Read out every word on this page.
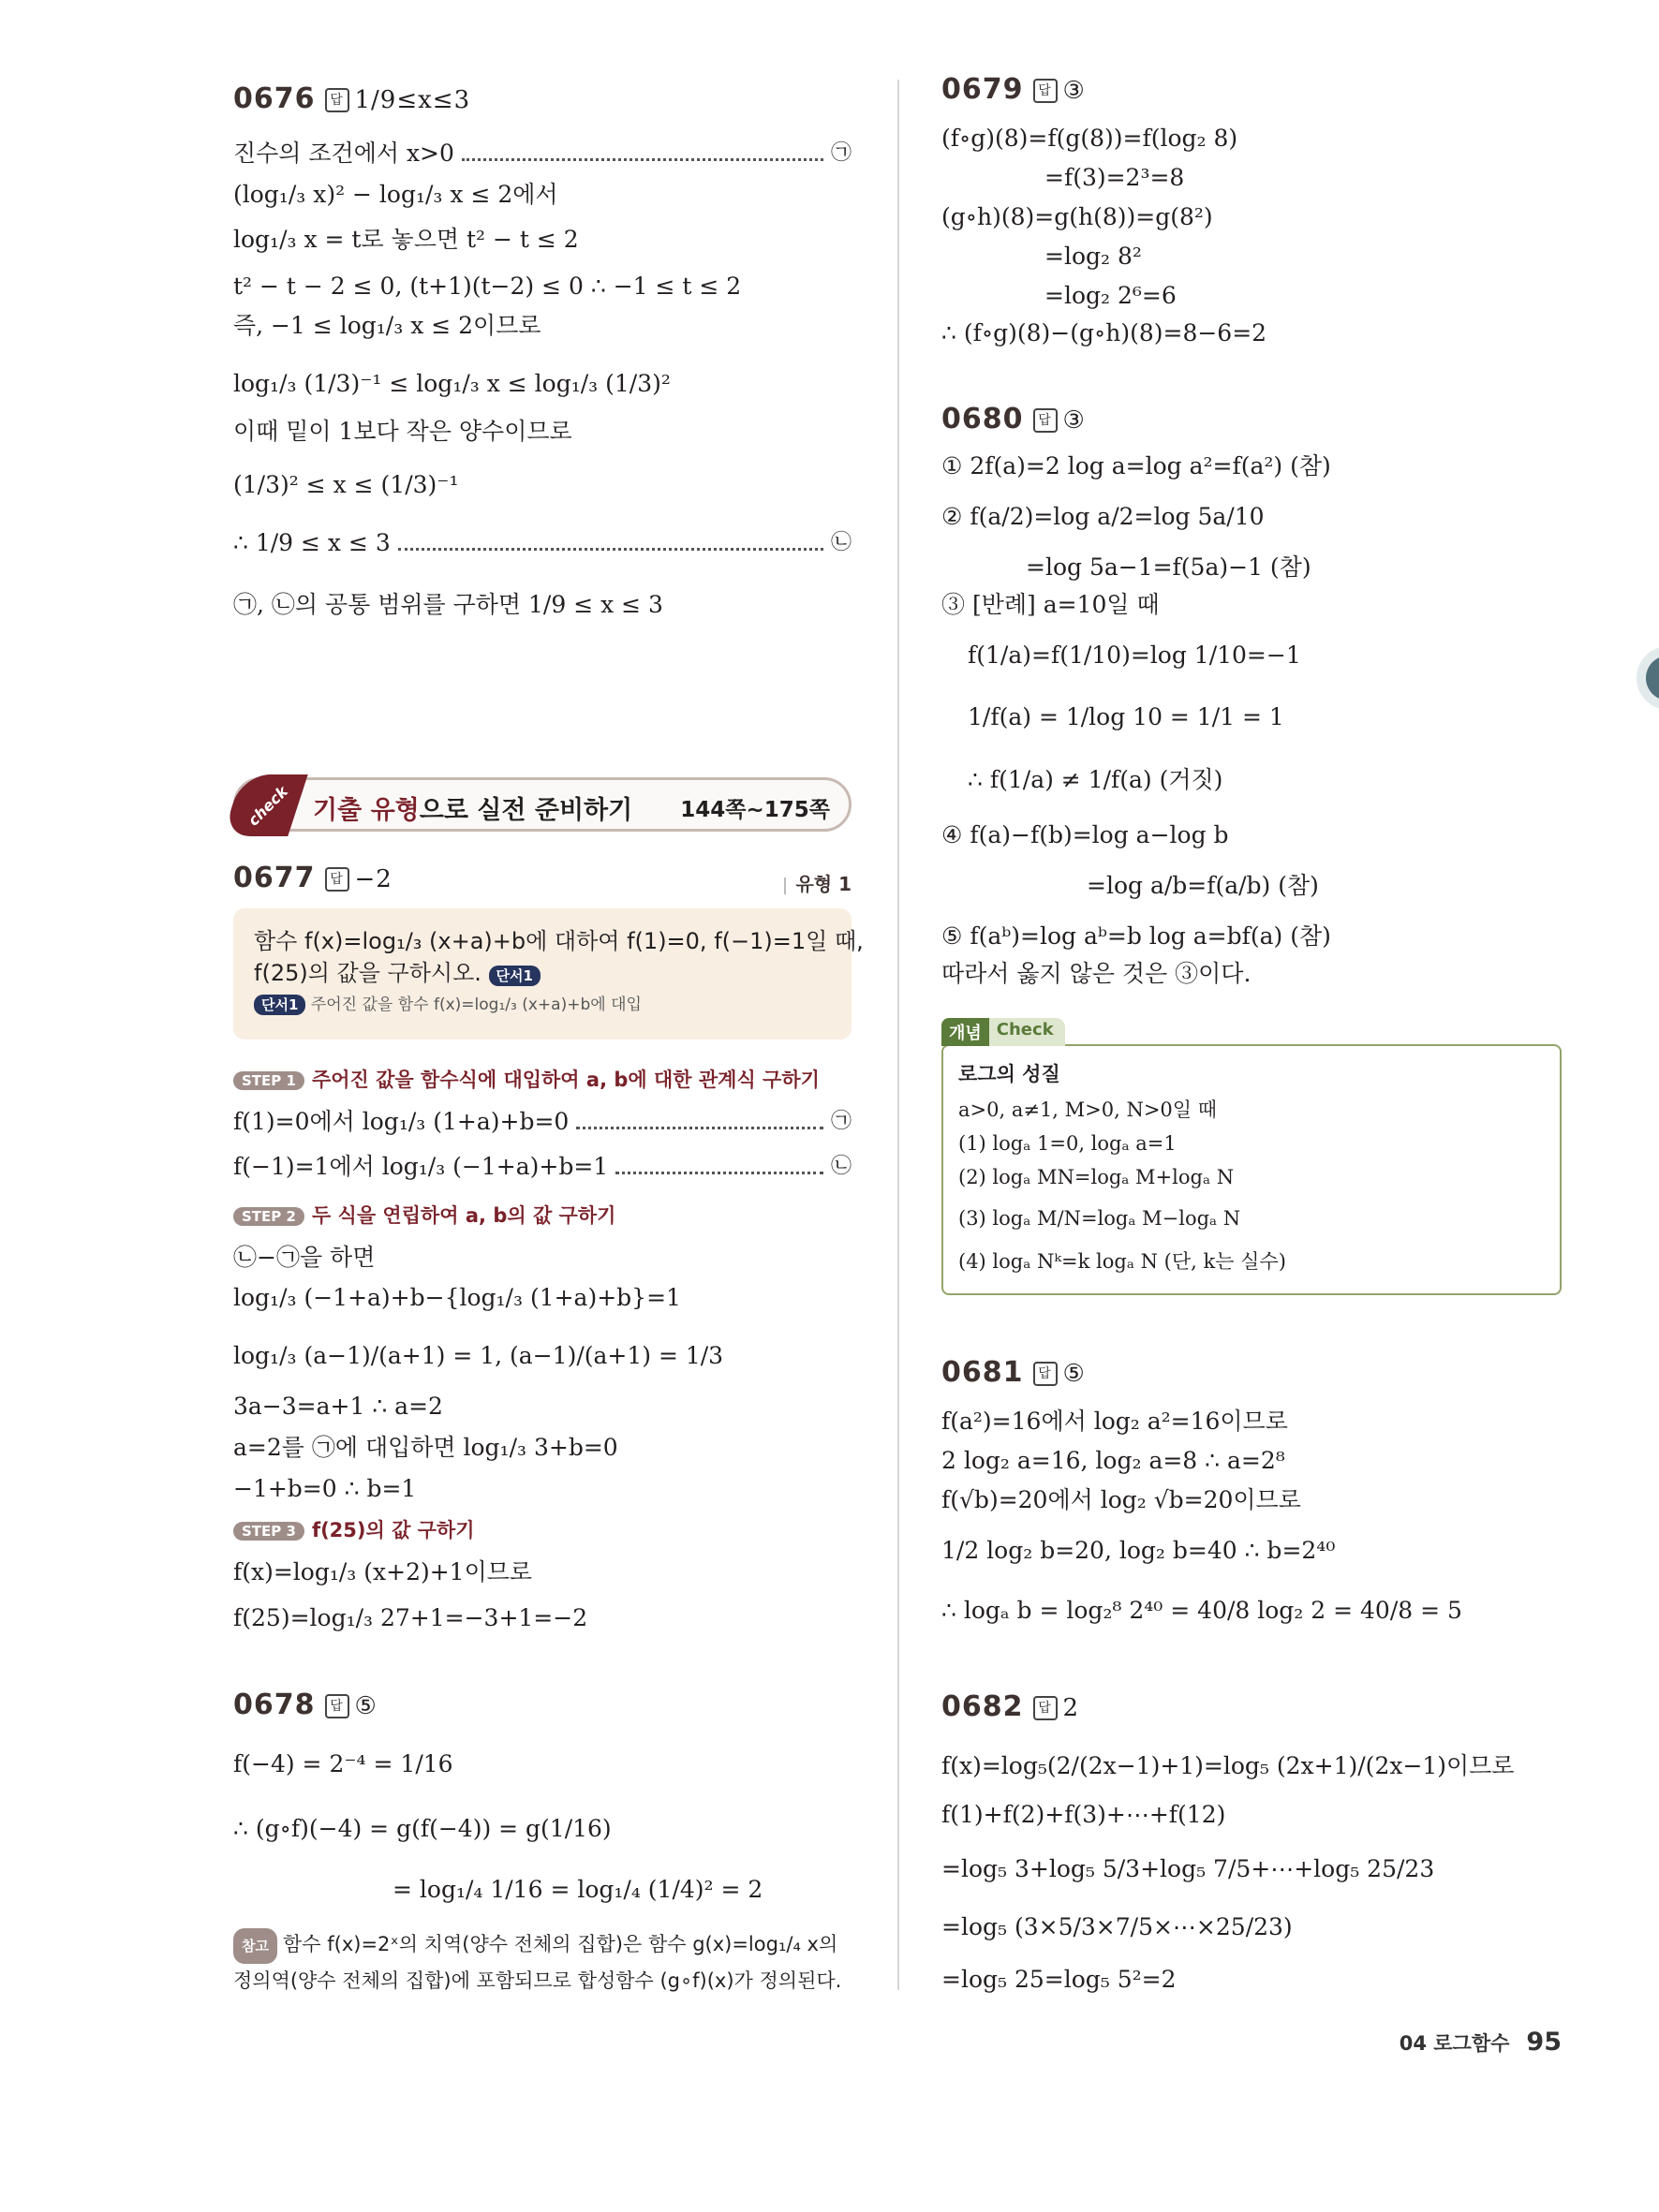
0676 답 1/9≤x≤3
진수의 조건에서 x>0	㉠
(log₁/₃ x)² − log₁/₃ x ≤ 2에서
log₁/₃ x = t로 놓으면 t² − t ≤ 2
t² − t − 2 ≤ 0, (t+1)(t−2) ≤ 0 ∴ −1 ≤ t ≤ 2
즉, −1 ≤ log₁/₃ x ≤ 2이므로
log₁/₃ (1/3)⁻¹ ≤ log₁/₃ x ≤ log₁/₃ (1/3)²
이때 밑이 1보다 작은 양수이므로
(1/3)² ≤ x ≤ (1/3)⁻¹
∴ 1/9 ≤ x ≤ 3	㉡
㉠, ㉡의 공통 범위를 구하면 1/9 ≤ x ≤ 3
check 기출 유형으로 실전 준비하기 144쪽~175쪽
0677 답 −2	유형 1
함수 f(x)=log₁/₃ (x+a)+b에 대하여 f(1)=0, f(−1)=1일 때,
f(25)의 값을 구하시오. 단서1
단서1 주어진 값을 함수 f(x)=log₁/₃ (x+a)+b에 대입
STEP 1 주어진 값을 함수식에 대입하여 a, b에 대한 관계식 구하기
f(1)=0에서 log₁/₃ (1+a)+b=0	㉠
f(−1)=1에서 log₁/₃ (−1+a)+b=1	㉡
STEP 2 두 식을 연립하여 a, b의 값 구하기
㉡−㉠을 하면
log₁/₃ (−1+a)+b−{log₁/₃ (1+a)+b}=1
log₁/₃ (a−1)/(a+1) = 1, (a−1)/(a+1) = 1/3
3a−3=a+1 ∴ a=2
a=2를 ㉠에 대입하면 log₁/₃ 3+b=0
−1+b=0 ∴ b=1
STEP 3 f(25)의 값 구하기
f(x)=log₁/₃ (x+2)+1이므로
f(25)=log₁/₃ 27+1=−3+1=−2
0678 답 ⑤
f(−4) = 2⁻⁴ = 1/16
∴ (g∘f)(−4) = g(f(−4)) = g(1/16)
= log₁/₄ 1/16 = log₁/₄ (1/4)² = 2
참고 함수 f(x)=2ˣ의 치역(양수 전체의 집합)은 함수 g(x)=log₁/₄ x의 정의역(양수 전체의 집합)에 포함되므로 합성함수 (g∘f)(x)가 정의된다.
0679 답 ③
(f∘g)(8)=f(g(8))=f(log₂ 8)
=f(3)=2³=8
(g∘h)(8)=g(h(8))=g(8²)
=log₂ 8²
=log₂ 2⁶=6
∴ (f∘g)(8)−(g∘h)(8)=8−6=2
0680 답 ③
① 2f(a)=2 log a=log a²=f(a²) (참)
② f(a/2)=log a/2=log 5a/10
=log 5a−1=f(5a)−1 (참)
③ [반례] a=10일 때
f(1/a)=f(1/10)=log 1/10=−1
1/f(a) = 1/log 10 = 1/1 = 1
∴ f(1/a) ≠ 1/f(a) (거짓)
④ f(a)−f(b)=log a−log b
=log a/b=f(a/b) (참)
⑤ f(aᵇ)=log aᵇ=b log a=bf(a) (참)
따라서 옳지 않은 것은 ③이다.
개념 Check
로그의 성질
a>0, a≠1, M>0, N>0일 때
(1) logₐ 1=0, logₐ a=1
(2) logₐ MN=logₐ M+logₐ N
(3) logₐ M/N=logₐ M−logₐ N
(4) logₐ Nᵏ=k logₐ N (단, k는 실수)
0681 답 ⑤
f(a²)=16에서 log₂ a²=16이므로
2 log₂ a=16, log₂ a=8 ∴ a=2⁸
f(√b)=20에서 log₂ √b=20이므로
1/2 log₂ b=20, log₂ b=40 ∴ b=2⁴⁰
∴ logₐ b = log₂⁸ 2⁴⁰ = 40/8 log₂ 2 = 40/8 = 5
0682 답 2
f(x)=log₅(2/(2x−1)+1)=log₅ (2x+1)/(2x−1)이므로
f(1)+f(2)+f(3)+⋯+f(12)
=log₅ 3+log₅ 5/3+log₅ 7/5+⋯+log₅ 25/23
=log₅ (3×5/3×7/5×⋯×25/23)
=log₅ 25=log₅ 5²=2
04 로그함수 95
